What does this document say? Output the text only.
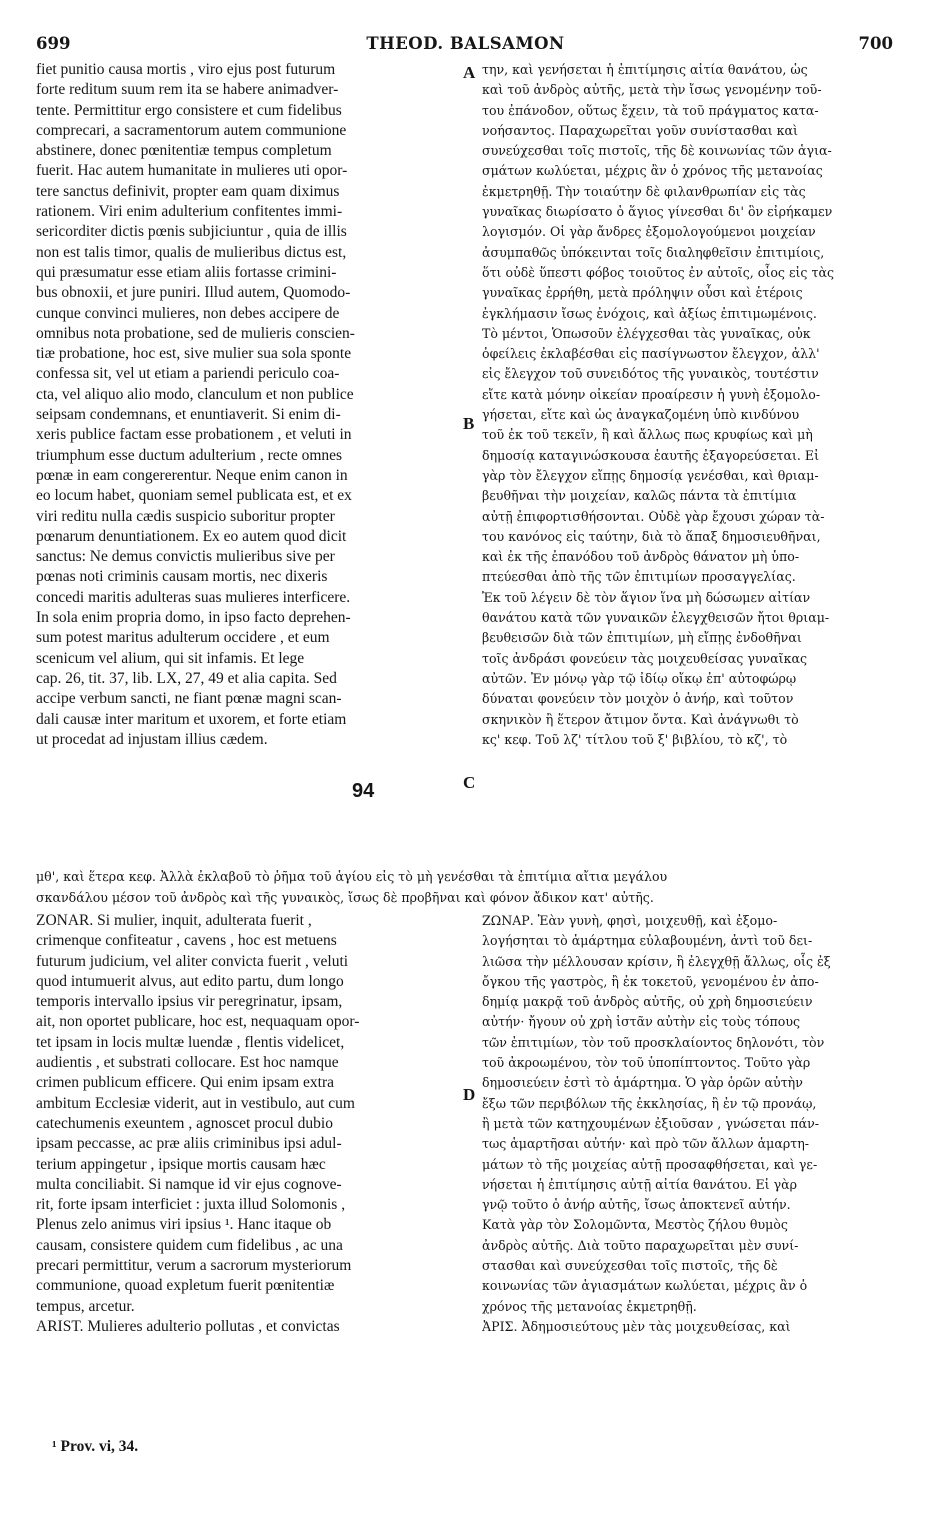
699	THEOD. BALSAMON	700
fiet punitio causa mortis , viro ejus post futurum
forte reditum suum rem ita se habere animadver-
tente. Permittitur ergo consistere et cum fidelibus
comprecari, a sacramentorum autem communione
abstinere, donec pœnitentiæ tempus completum
fuerit. Hac autem humanitate in mulieres uti opor-
tere sanctus definivit, propter eam quam diximus
rationem. Viri enim adulterium confitentes immi-
sericorditer dictis pœnis subjiciuntur , quia de illis
non est talis timor, qualis de mulieribus dictus est,
qui præsumatur esse etiam aliis fortasse crimini-
bus obnoxii, et jure puniri. Illud autem, Quomodo-
cunque convinci mulieres, non debes accipere de
omnibus nota probatione, sed de mulieris conscien-
tiæ probatione, hoc est, sive mulier sua sola sponte
confessa sit, vel ut etiam a pariendi periculo coa-
cta, vel aliquo alio modo, clanculum et non publice
seipsam condemnans, et enuntiaverit. Si enim di-
xeris publice factam esse probationem , et veluti in
triumphum esse ductum adulterium , recte omnes
pœnæ in eam congererentur. Neque enim canon in
eo locum habet, quoniam semel publicata est, et ex
viri reditu nulla cædis suspicio suboritur propter
pœnarum denuntiationem. Ex eo autem quod dicit
sanctus: Ne demus convictis mulieribus sive per
pœnas noti criminis causam mortis, nec dixeris
concedi maritis adulteras suas mulieres interficere.
In sola enim propria domo, in ipso facto deprehen-
sum potest maritus adulterum occidere , et eum
scenicum vel alium, qui sit infamis. Et lege
cap. 26, tit. 37, lib. LX, 27, 49 et alia capita. Sed
accipe verbum sancti, ne fiant pœnæ magni scan-
dali causæ inter maritum et uxorem, et forte etiam
ut procedat ad injustam illius cædem.
την, καὶ γενήσεται ἡ ἐπιτίμησις αἰτία θανάτου, ὡς
καὶ τοῦ ἀνδρὸς αὐτῆς, μετὰ τὴν ἴσως γενομένην τοῦ-
του ἐπάνοδον, οὕτως ἔχειν, τὰ τοῦ πράγματος κατα-
νοήσαντος. Παραχωρεῖται γοῦν συνίστασθαι καὶ
συνεύχεσθαι τοῖς πιστοῖς, τῆς δὲ κοινωνίας τῶν ἁγια-
σμάτων κωλύεται, μέχρις ἂν ὁ χρόνος τῆς μετανοίας
ἐκμετρηθῇ. Τὴν τοιαύτην δὲ φιλανθρωπίαν εἰς τὰς
γυναῖκας διωρίσατο ὁ ἅγιος γίνεσθαι δι' ὃν εἰρήκαμεν
λογισμόν. Οἱ γὰρ ἄνδρες ἐξομολογούμενοι μοιχείαν
ἀσυμπαθῶς ὑπόκεινται τοῖς διαληφθεῖσιν ἐπιτιμίοις,
ὅτι οὐδὲ ὕπεστι φόβος τοιοῦτος ἐν αὐτοῖς, οἷος εἰς τὰς
γυναῖκας ἐρρήθη, μετὰ πρόληψιν οὖσι καὶ ἑτέροις
ἐγκλήμασιν ἴσως ἐνόχοις, καὶ ἀξίως ἐπιτιμωμένοις.
Τὸ μέντοι, Ὁπωσοῦν ἐλέγχεσθαι τὰς γυναῖκας, οὐκ
ὀφείλεις ἐκλαβέσθαι εἰς πασίγνωστον ἔλεγχον, ἀλλ'
εἰς ἔλεγχον τοῦ συνειδότος τῆς γυναικὸς, τουτέστιν
εἴτε κατὰ μόνην οἰκείαν προαίρεσιν ἡ γυνὴ ἐξομολο-
γήσεται, εἴτε καὶ ὡς ἀναγκαζομένη ὑπὸ κινδύνου
τοῦ ἐκ τοῦ τεκεῖν, ἢ καὶ ἄλλως πως κρυφίως καὶ μὴ
δημοσίᾳ καταγινώσκουσα ἑαυτῆς ἐξαγορεύσεται. Εἰ
γὰρ τὸν ἔλεγχον εἴπῃς δημοσίᾳ γενέσθαι, καὶ θριαμ-
βευθῆναι τὴν μοιχείαν, καλῶς πάντα τὰ ἐπιτίμια
αὐτῇ ἐπιφορτισθήσονται. Οὐδὲ γὰρ ἔχουσι χώραν τὰ-
του κανόνος εἰς ταύτην, διὰ τὸ ἅπαξ δημοσιευθῆναι,
καὶ ἐκ τῆς ἐπανόδου τοῦ ἀνδρὸς θάνατον μὴ ὑπο-
πτεύεσθαι ἀπὸ τῆς τῶν ἐπιτιμίων προσαγγελίας.
Ἐκ τοῦ λέγειν δὲ τὸν ἅγιον ἵνα μὴ δώσωμεν αἰτίαν
θανάτου κατὰ τῶν γυναικῶν ἐλεγχθεισῶν ἤτοι θριαμ-
βευθεισῶν διὰ τῶν ἐπιτιμίων, μὴ εἴπῃς ἐνδοθῆναι
τοῖς ἀνδράσι φονεύειν τὰς μοιχευθείσας γυναῖκας
αὐτῶν. Ἐν μόνῳ γὰρ τῷ ἰδίῳ οἴκῳ ἐπ' αὐτοφώρῳ
δύναται φονεύειν τὸν μοιχὸν ὁ ἀνήρ, καὶ τοῦτον
σκηνικὸν ἢ ἕτερον ἄτιμον ὄντα. Καὶ ἀνάγνωθι τὸ
κς' κεφ. Τοῦ λζ' τίτλου τοῦ ξ' βιβλίου, τὸ κζ', τὸ
μθ', καὶ ἕτερα κεφ. Ἀλλὰ ἐκλαβοῦ τὸ ῥῆμα τοῦ ἁγίου εἰς τὸ μὴ γενέσθαι τὰ ἐπιτίμια αἴτια μεγάλου
σκανδάλου μέσον τοῦ ἀνδρὸς καὶ τῆς γυναικὸς, ἴσως δὲ προβῆναι καὶ φόνον ἄδικον κατ' αὐτῆς.
ZONAR. Si mulier, inquit, adulterata fuerit ,
crimenque confiteatur , cavens , hoc est metuens
futurum judicium, vel aliter convicta fuerit , veluti
quod intumuerit alvus, aut edito partu, dum longo
temporis intervallo ipsius vir peregrinatur, ipsam,
ait, non oportet publicare, hoc est, nequaquam opor-
tet ipsam in locis multæ luendæ , flentis videlicet,
audientis , et substrati collocare. Est hoc namque
crimen publicum efficere. Qui enim ipsam extra
ambitum Ecclesiæ viderit, aut in vestibulo, aut cum
catechumenis exeuntem , agnoscet procul dubio
ipsam peccasse, ac præ aliis criminibus ipsi adul-
terium appingetur , ipsique mortis causam hæc
multa conciliabit. Si namque id vir ejus cognove-
rit, forte ipsam interficiet : juxta illud Solomonis ,
Plenus zelo animus viri ipsius ¹. Hanc itaque ob
causam, consistere quidem cum fidelibus , ac una
precari permittitur, verum a sacrorum mysteriorum
communione, quoad expletum fuerit pœnitentiæ
tempus, arcetur.
ARIST. Mulieres adulterio pollutas , et convictas
ΖΩΝΑΡ. Ἐὰν γυνὴ, φησὶ, μοιχευθῇ, καὶ ἐξομο-
λογήσηται τὸ ἁμάρτημα εὐλαβουμένη, ἀντὶ τοῦ δει-
λιῶσα τὴν μέλλουσαν κρίσιν, ἢ ἐλεγχθῇ ἄλλως, οἷς ἐξ
ὄγκου τῆς γαστρὸς, ἢ ἐκ τοκετοῦ, γενομένου ἐν ἀπο-
δημίᾳ μακρᾷ τοῦ ἀνδρὸς αὐτῆς, οὐ χρὴ δημοσιεύειν
αὐτήν· ἤγουν οὐ χρὴ ἱστᾶν αὐτὴν εἰς τοὺς τόπους
τῶν ἐπιτιμίων, τὸν τοῦ προσκλαίοντος δηλονότι, τὸν
τοῦ ἀκροωμένου, τὸν τοῦ ὑποπίπτοντος. Τοῦτο γὰρ
δημοσιεύειν ἐστὶ τὸ ἁμάρτημα. Ὁ γὰρ ὁρῶν αὐτὴν
ἔξω τῶν περιβόλων τῆς ἐκκλησίας, ἢ ἐν τῷ προνάῳ,
ἢ μετὰ τῶν κατηχουμένων ἐξιοῦσαν , γνώσεται πάν-
τως ἁμαρτῆσαι αὐτήν· καὶ πρὸ τῶν ἄλλων ἁμαρτη-
μάτων τὸ τῆς μοιχείας αὐτῇ προσαφθήσεται, καὶ γε-
νήσεται ἡ ἐπιτίμησις αὐτῇ αἰτία θανάτου. Εἰ γὰρ
γνῷ τοῦτο ὁ ἀνήρ αὐτῆς, ἴσως ἀποκτενεῖ αὐτήν.
Κατὰ γὰρ τὸν Σολομῶντα, Μεστὸς ζήλου θυμὸς
ἀνδρὸς αὐτῆς. Διὰ τοῦτο παραχωρεῖται μὲν συνί-
στασθαι καὶ συνεύχεσθαι τοῖς πιστοῖς, τῆς δὲ
κοινωνίας τῶν ἁγιασμάτων κωλύεται, μέχρις ἂν ὁ
χρόνος τῆς μετανοίας ἐκμετρηθῇ.
ἈΡΙΣ. Ἀδημοσιεύτους μὲν τὰς μοιχευθείσας, καὶ
A
B
C
D
94
¹ Prov. vi, 34.
